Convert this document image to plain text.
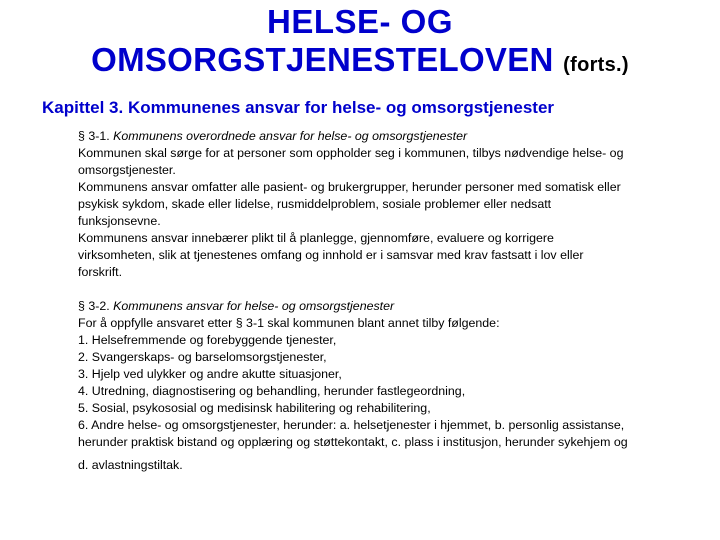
HELSE- OG
OMSORGSTJENESTELOVEN (forts.)
Kapittel 3. Kommunenes ansvar for helse- og omsorgstjenester
§ 3-1. Kommunens overordnede ansvar for helse- og omsorgstjenester
Kommunen skal sørge for at personer som oppholder seg i kommunen, tilbys nødvendige helse- og
omsorgstjenester.
Kommunens ansvar omfatter alle pasient- og brukergrupper, herunder personer med somatisk eller
psykisk sykdom, skade eller lidelse, rusmiddelproblem, sosiale problemer eller nedsatt
funksjonsevne.
Kommunens ansvar innebærer plikt til å planlegge, gjennomføre, evaluere og korrigere
virksomheten, slik at tjenestenes omfang og innhold er i samsvar med krav fastsatt i lov eller
forskrift.
§ 3-2. Kommunens ansvar for helse- og omsorgstjenester
For å oppfylle ansvaret etter § 3-1 skal kommunen blant annet tilby følgende:
1. Helsefremmende og forebyggende tjenester,
2. Svangerskaps- og barselomsorgstjenester,
3. Hjelp ved ulykker og andre akutte situasjoner,
4. Utredning, diagnostisering og behandling, herunder fastlegeordning,
5. Sosial, psykososial og medisinsk habilitering og rehabilitering,
6. Andre helse- og omsorgstjenester, herunder: a. helsetjenester i hjemmet, b. personlig assistanse,
herunder praktisk bistand og opplæring og støttekontakt, c. plass i institusjon, herunder sykehjem og
d. avlastningstiltak.
